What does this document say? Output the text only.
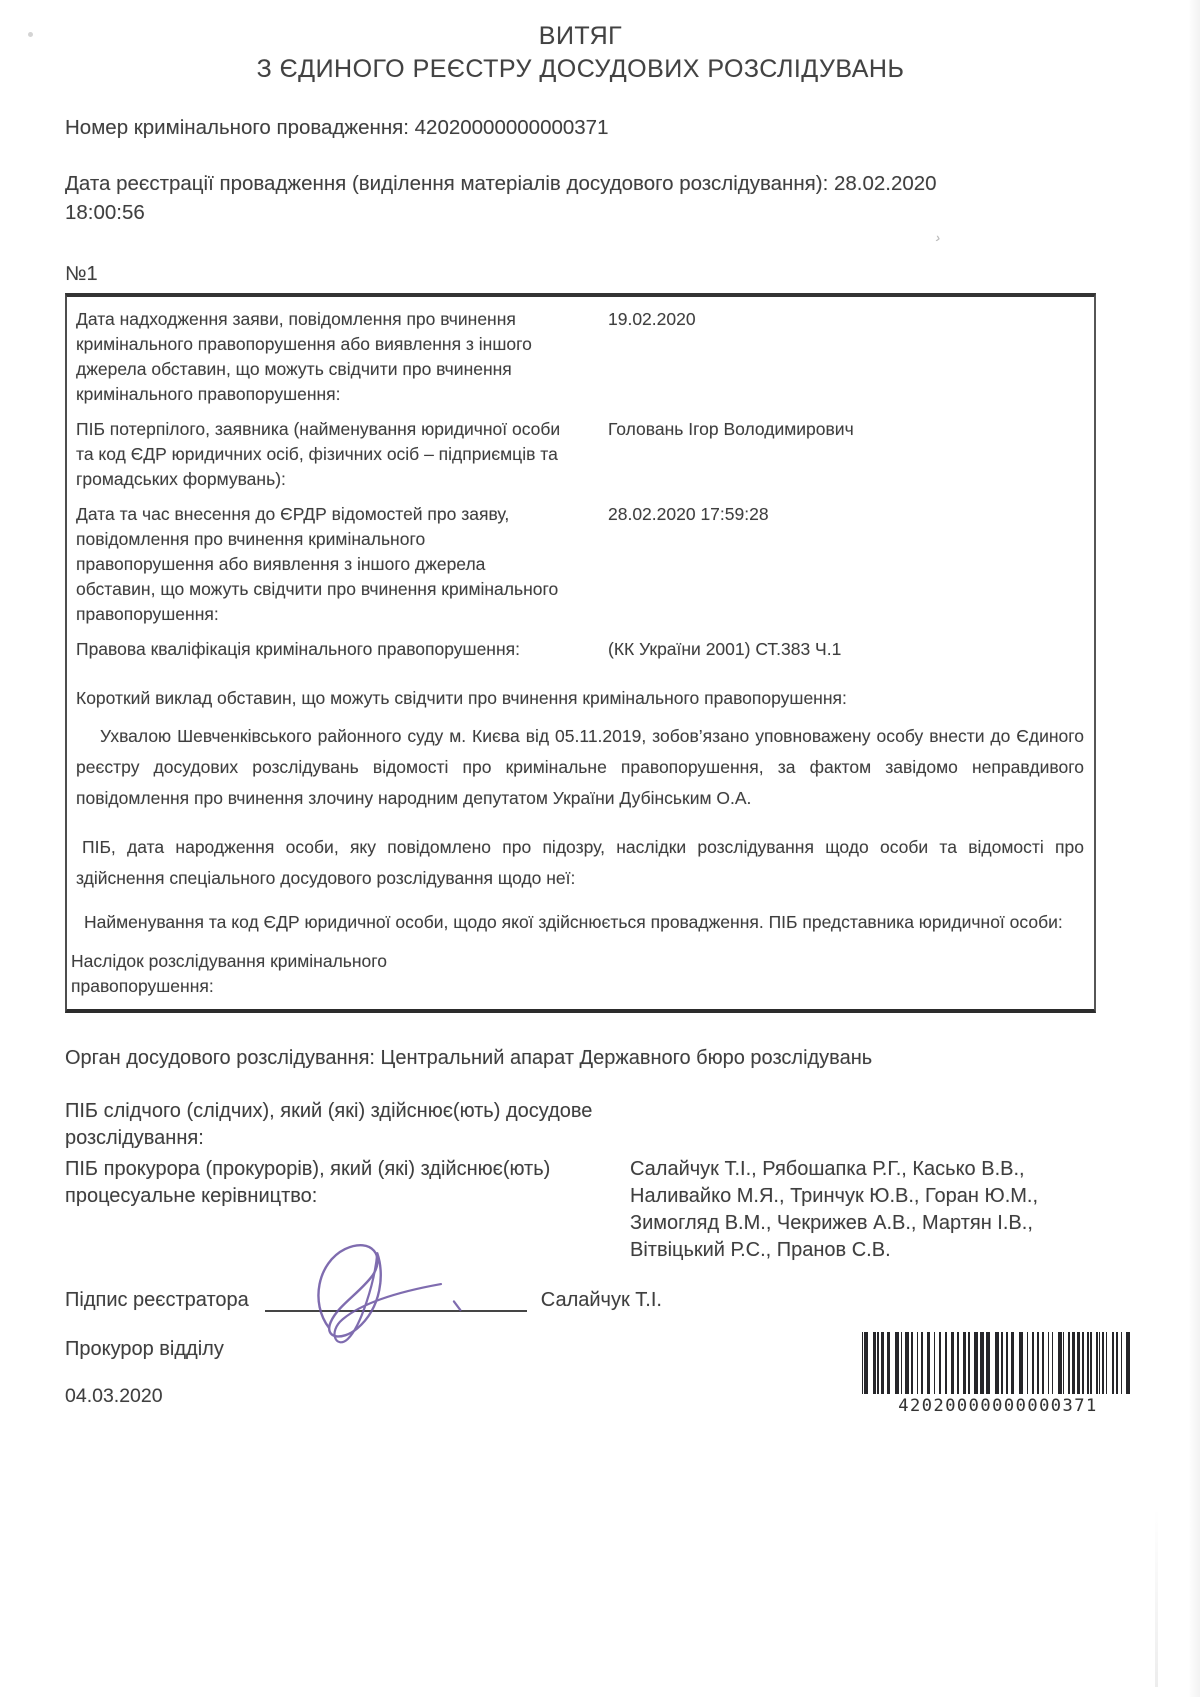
›
ВИТЯГ
З ЄДИНОГО РЕЄСТРУ ДОСУДОВИХ РОЗСЛІДУВАНЬ

Номер кримінального провадження: 42020000000000371

Дата реєстрації провадження (виділення матеріалів досудового розслідування): 28.02.2020
18:00:56

№1
Дата надходження заяви, повідомлення про вчинення кримінального правопорушення або виявлення з іншого джерела обставин, що можуть свідчити про вчинення кримінального правопорушення:
19.02.2020
ПІБ потерпілого, заявника (найменування юридичної особи та код ЄДР юридичних осіб, фізичних осіб – підприємців та громадських формувань):
Головань Ігор Володимирович
Дата та час внесення до ЄРДР відомостей про заяву, повідомлення про вчинення кримінального правопорушення або виявлення з іншого джерела обставин, що можуть свідчити про вчинення кримінального правопорушення:
28.02.2020 17:59:28
Правова кваліфікація кримінального правопорушення:	(КК України 2001) СТ.383 Ч.1
Короткий виклад обставин, що можуть свідчити про вчинення кримінального правопорушення:
Ухвалою Шевченківського районного суду м. Києва від 05.11.2019, зобов’язано уповноважену особу внести до Єдиного реєстру досудових розслідувань відомості про кримінальне правопорушення, за фактом завідомо неправдивого повідомлення про вчинення злочину народним депутатом України Дубінським О.А.
ПІБ, дата народження особи, яку повідомлено про підозру, наслідки розслідування щодо особи та відомості про здійснення спеціального досудового розслідування щодо неї:
Найменування та код ЄДР юридичної особи, щодо якої здійснюється провадження. ПІБ представника юридичної особи:
Наслідок розслідування кримінального правопорушення:

Орган досудового розслідування: Центральний апарат Державного бюро розслідувань

ПІБ слідчого (слідчих), який (які) здійснює(ють) досудове розслідування:
ПІБ прокурора (прокурорів), який (які) здійснює(ють) процесуальне керівництво:
Салайчук Т.І., Рябошапка Р.Г., Касько В.В., Наливайко М.Я., Тринчук Ю.В., Горан Ю.М., Зимогляд В.М., Чекрижев А.В., Мартян І.В., Вітвіцький Р.С., Пранов С.В.
Підпис реєстратора	Салайчук Т.І.

Прокурор відділу

04.03.2020	42020000000000371
